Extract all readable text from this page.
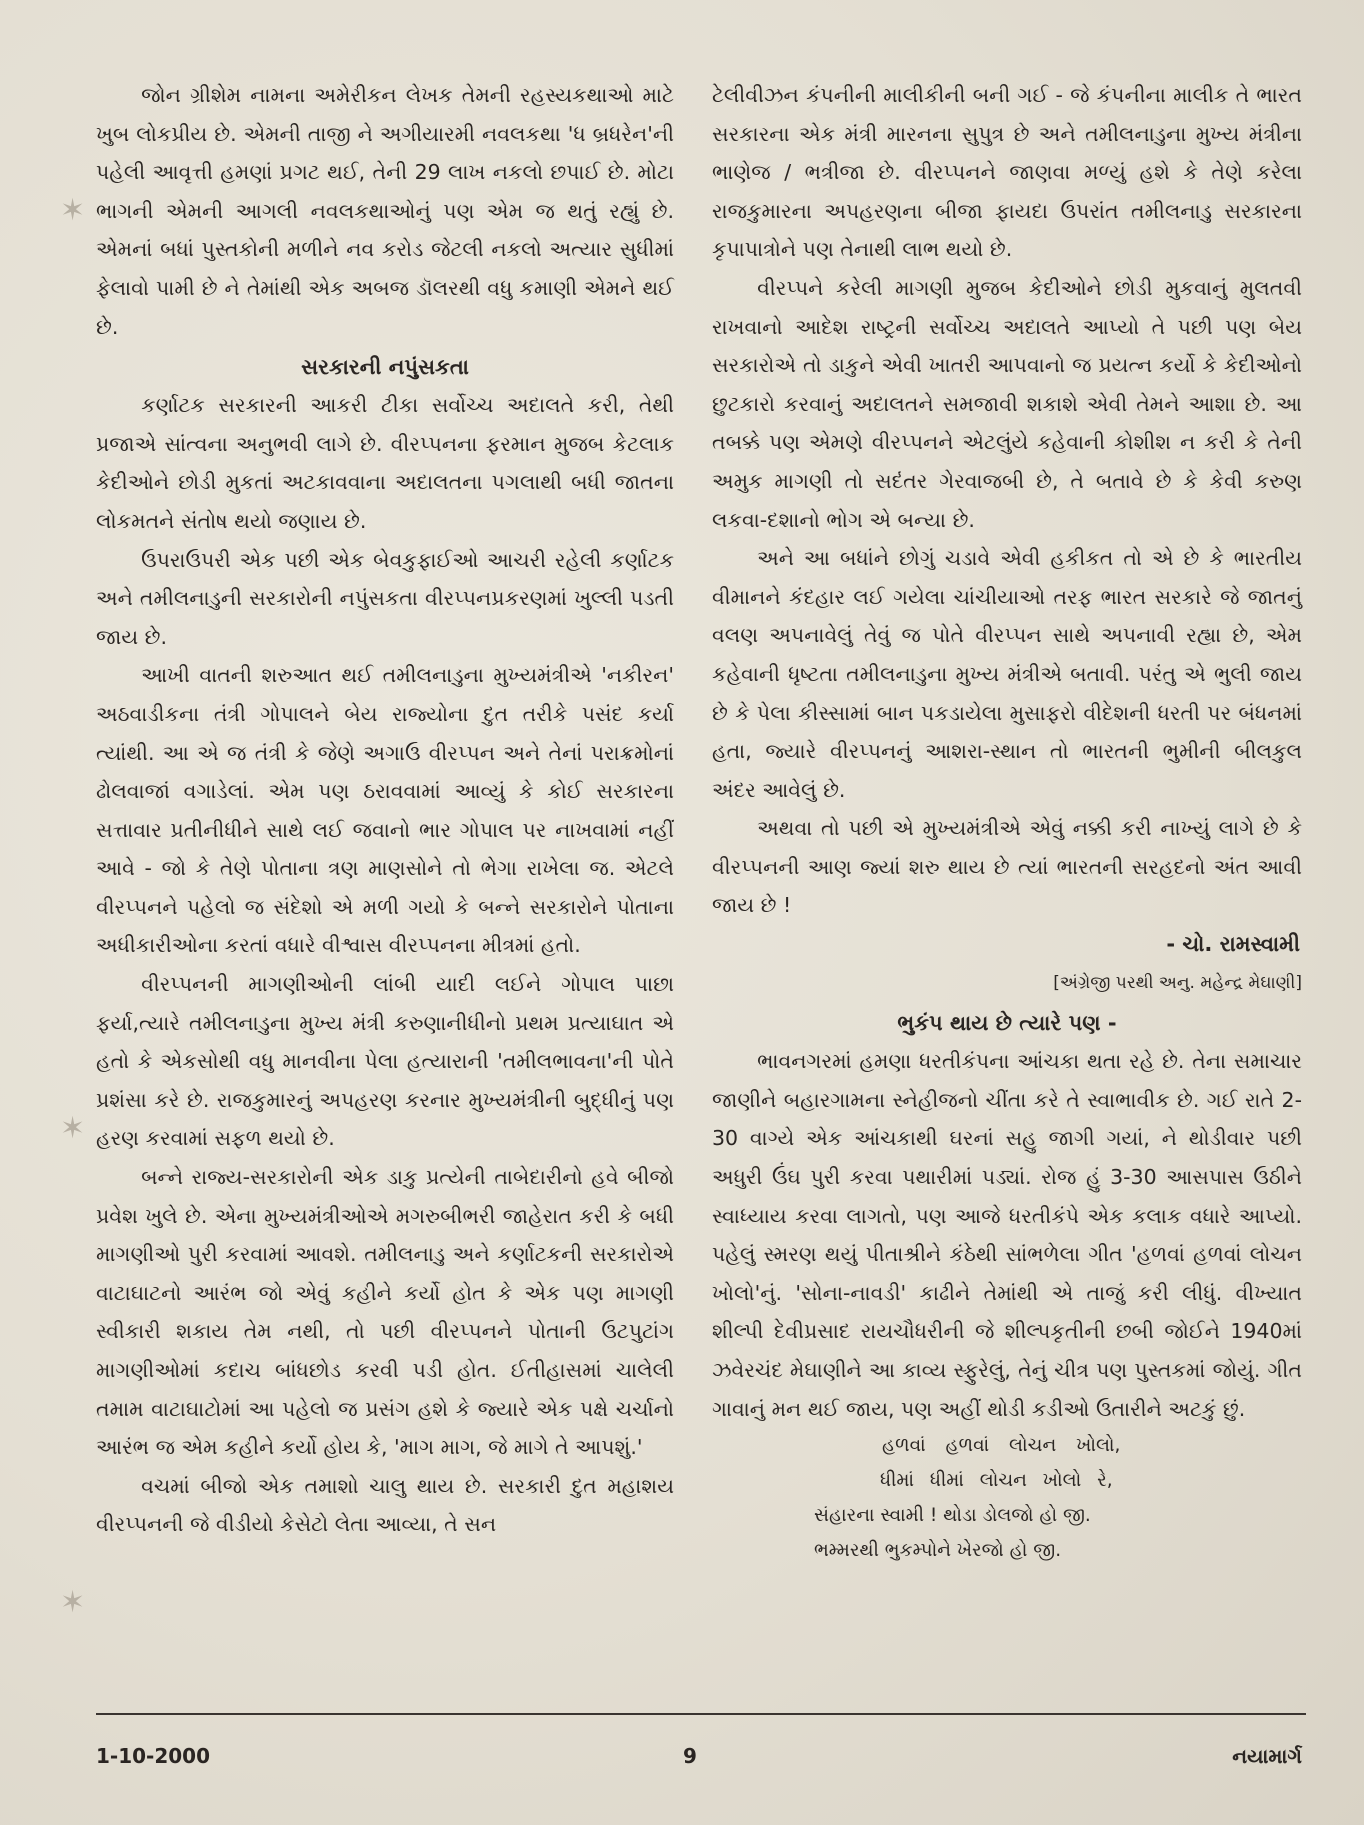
✶
✶
✶

જોન ગ્રીશેમ નામના અમેરીકન લેખક તેમની રહસ્યકથાઓ માટે ખુબ લોકપ્રીય છે. એમની તાજી ને અગીયારમી નવલકથા 'ધ બ્રધરેન'ની પહેલી આવૃત્તી હમણાં પ્રગટ થઈ, તેની 29 લાખ નકલો છપાઈ છે. મોટા ભાગની એમની આગલી નવલકથાઓનું પણ એમ જ થતું રહ્યું છે. એમનાં બધાં પુસ્તકોની મળીને નવ કરોડ જેટલી નકલો અત્યાર સુધીમાં ફેલાવો પામી છે ને તેમાંથી એક અબજ ડૉલરથી વધુ કમાણી એમને થઈ છે.

સરકારની નપુંસકતા

કર્ણાટક સરકારની આકરી ટીકા સર્વોચ્ચ અદાલતે કરી, તેથી પ્રજાએ સાંત્વના અનુભવી લાગે છે. વીરપ્પનના ફરમાન મુજબ કેટલાક કેદીઓને છોડી મુકતાં અટકાવવાના અદાલતના પગલાથી બધી જાતના લોકમતને સંતોષ થયો જણાય છે.

ઉપરાઉપરી એક પછી એક બેવકુફાઈઓ આચરી રહેલી કર્ણાટક અને તમીલનાડુની સરકારોની નપુંસકતા વીરપ્પનપ્રકરણમાં ખુલ્લી પડતી જાય છે.

આખી વાતની શરુઆત થઈ તમીલનાડુના મુખ્યમંત્રીએ 'નકીરન' અઠવાડીકના તંત્રી ગોપાલને બેય રાજ્યોના દુત તરીકે પસંદ કર્યા ત્યાંથી. આ એ જ તંત્રી કે જેણે અગાઉ વીરપ્પન અને તેનાં પરાક્રમોનાં ઢોલવાજાં વગાડેલાં. એમ પણ ઠરાવવામાં આવ્યું કે કોઈ સરકારના સત્તાવાર પ્રતીનીધીને સાથે લઈ જવાનો ભાર ગોપાલ પર નાખવામાં નહીં આવે - જો કે તેણે પોતાના ત્રણ માણસોને તો ભેગા રાખેલા જ. એટલે વીરપ્પનને પહેલો જ સંદેશો એ મળી ગયો કે બન્ને સરકારોને પોતાના અધીકારીઓના કરતાં વધારે વીશ્વાસ વીરપ્પનના મીત્રમાં હતો.

વીરપ્પનની માગણીઓની લાંબી યાદી લઈને ગોપાલ પાછા ફર્યા,ત્યારે તમીલનાડુના મુખ્ય મંત્રી કરુણાનીધીનો પ્રથમ પ્રત્યાઘાત એ હતો કે એકસોથી વધુ માનવીના પેલા હત્યારાની 'તમીલભાવના'ની પોતે પ્રશંસા કરે છે. રાજકુમારનું અપહરણ કરનાર મુખ્યમંત્રીની બુદ્ધીનું પણ હરણ કરવામાં સફળ થયો છે.

બન્ને રાજ્ય-સરકારોની એક ડાકુ પ્રત્યેની તાબેદારીનો હવે બીજો પ્રવેશ ખુલે છે. એના મુખ્યમંત્રીઓએ મગરુબીભરી જાહેરાત કરી કે બધી માગણીઓ પુરી કરવામાં આવશે. તમીલનાડુ અને કર્ણાટકની સરકારોએ વાટાઘાટનો આરંભ જો એવું કહીને કર્યો હોત કે એક પણ માગણી સ્વીકારી શકાય તેમ નથી, તો પછી વીરપ્પનને પોતાની ઉટપુટાંગ માગણીઓમાં કદાચ બાંધછોડ કરવી પડી હોત. ઈતીહાસમાં ચાલેલી તમામ વાટાઘાટોમાં આ પહેલો જ પ્રસંગ હશે કે જ્યારે એક પક્ષે ચર્ચાનો આરંભ જ એમ કહીને કર્યો હોય કે, 'માગ માગ, જે માગે તે આપશું.'

વચમાં બીજો એક તમાશો ચાલુ થાય છે. સરકારી દુત મહાશય વીરપ્પનની જે વીડીયો કેસેટો લેતા આવ્યા, તે સન

ટેલીવીઝન કંપનીની માલીકીની બની ગઈ - જે કંપનીના માલીક તે ભારત સરકારના એક મંત્રી મારનના સુપુત્ર છે અને તમીલનાડુના મુખ્ય મંત્રીના ભાણેજ / ભત્રીજા છે. વીરપ્પનને જાણવા મળ્યું હશે કે તેણે કરેલા રાજકુમારના અપહરણના બીજા ફાયદા ઉપરાંત તમીલનાડુ સરકારના કૃપાપાત્રોને પણ તેનાથી લાભ થયો છે.

વીરપ્પને કરેલી માગણી મુજબ કેદીઓને છોડી મુકવાનું મુલતવી રાખવાનો આદેશ રાષ્ટ્રની સર્વોચ્ચ અદાલતે આપ્યો તે પછી પણ બેય સરકારોએ તો ડાકુને એવી ખાતરી આપવાનો જ પ્રયત્ન કર્યો કે કેદીઓનો છુટકારો કરવાનું અદાલતને સમજાવી શકાશે એવી તેમને આશા છે. આ તબક્કે પણ એમણે વીરપ્પનને એટલુંયે કહેવાની કોશીશ ન કરી કે તેની અમુક માગણી તો સદંતર ગેરવાજબી છે, તે બતાવે છે કે કેવી કરુણ લકવા-દશાનો ભોગ એ બન્યા છે.

અને આ બધાંને છોગું ચડાવે એવી હકીકત તો એ છે કે ભારતીય વીમાનને કંદહાર લઈ ગયેલા ચાંચીયાઓ તરફ ભારત સરકારે જે જાતનું વલણ અપનાવેલું તેવું જ પોતે વીરપ્પન સાથે અપનાવી રહ્યા છે, એમ કહેવાની ધૃષ્ટતા તમીલનાડુના મુખ્ય મંત્રીએ બતાવી. પરંતુ એ ભુલી જાય છે કે પેલા કીસ્સામાં બાન પકડાયેલા મુસાફરો વીદેશની ધરતી પર બંધનમાં હતા, જ્યારે વીરપ્પનનું આશરા-સ્થાન તો ભારતની ભુમીની બીલકુલ અંદર આવેલું છે.

અથવા તો પછી એ મુખ્યમંત્રીએ એવું નક્કી કરી નાખ્યું લાગે છે કે વીરપ્પનની આણ જ્યાં શરુ થાય છે ત્યાં ભારતની સરહદનો અંત આવી જાય છે !

- ચો. રામસ્વામી

[અંગ્રેજી પરથી અનુ. મહેન્દ્ર મેઘાણી]

ભુકંપ થાય છે ત્યારે પણ -

ભાવનગરમાં હમણા ધરતીકંપના આંચકા થતા રહે છે. તેના સમાચાર જાણીને બહારગામના સ્નેહીજનો ચીંતા કરે તે સ્વાભાવીક છે. ગઈ રાતે 2-30 વાગ્યે એક આંચકાથી ઘરનાં સહુ જાગી ગયાં, ને થોડીવાર પછી અધુરી ઉંઘ પુરી કરવા પથારીમાં પડ્યાં. રોજ હું 3-30 આસપાસ ઉઠીને સ્વાધ્યાય કરવા લાગતો, પણ આજે ધરતીકંપે એક કલાક વધારે આપ્યો. પહેલું સ્મરણ થયું પીતાશ્રીને કંઠેથી સાંભળેલા ગીત 'હળવાં હળવાં લોચન ખોલો'નું. 'સોના-નાવડી' કાઢીને તેમાંથી એ તાજું કરી લીધું. વીખ્યાત શીલ્પી દેવીપ્રસાદ રાયચૌધરીની જે શીલ્પકૃતીની છબી જોઈને 1940માં ઝવેરચંદ મેઘાણીને આ કાવ્ય સ્ફુરેલું, તેનું ચીત્ર પણ પુસ્તકમાં જોયું. ગીત ગાવાનું મન થઈ જાય, પણ અહીં થોડી કડીઓ ઉતારીને અટકું છું.

હળવાં હળવાં લોચન ખોલો,
ધીમાં ધીમાં લોચન ખોલો રે,
સંહારના સ્વામી ! થોડા ડોલજો હો જી.
ભમ્મરથી ભુકમ્પોને ખેરજો હો જી.
1-10-2000	9	નયામાર્ગ
